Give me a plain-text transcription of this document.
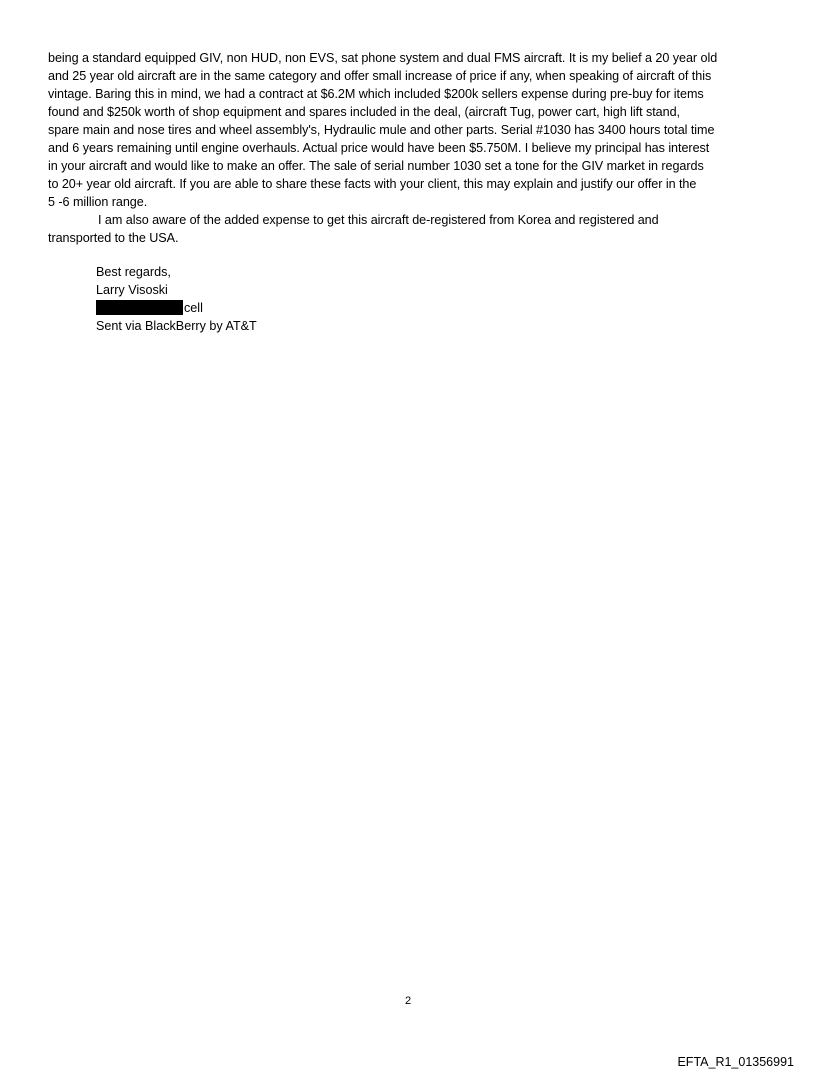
being a standard equipped GIV, non HUD, non EVS, sat phone system and dual FMS aircraft. It is my belief a 20 year old
and 25 year old aircraft are in the same category and offer small increase of price if any, when speaking of aircraft of this
vintage. Baring this in mind, we had a contract at $6.2M which included $200k sellers expense during pre-buy for items
found and $250k worth of shop equipment and spares included in the deal, (aircraft Tug, power cart, high lift stand,
spare main and nose tires and wheel assembly's, Hydraulic mule and other parts. Serial #1030 has 3400 hours total time
and 6 years remaining until engine overhauls. Actual price would have been $5.750M. I believe my principal has interest
in your aircraft and would like to make an offer. The sale of serial number 1030 set a tone for the GIV market in regards
to 20+ year old aircraft. If you are able to share these facts with your client, this may explain and justify our offer in the
5 -6 million range.
I am also aware of the added expense to get this aircraft de-registered from Korea and registered and
transported to the USA.
Best regards,
Larry Visoski
cell
Sent via BlackBerry by AT&T
2
EFTA_R1_01356991
